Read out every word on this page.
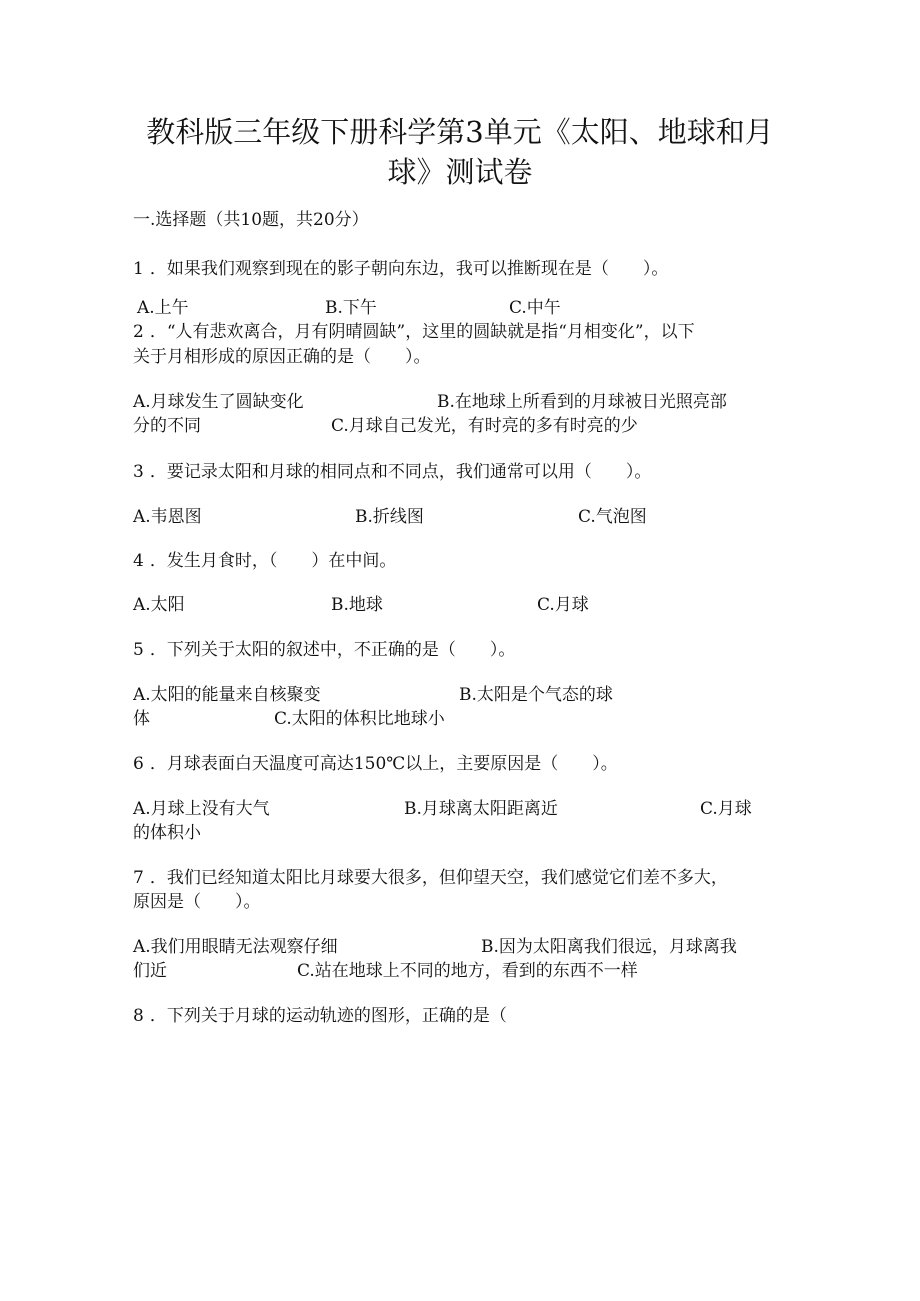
教科版三年级下册科学第3单元《太阳、地球和月
球》测试卷
一.选择题（共10题，共20分）
1 ．如果我们观察到现在的影子朝向东边，我可以推断现在是（　　）。
A.上午	B.下午	C.中午
2 ．“人有悲欢离合，月有阴晴圆缺”，这里的圆缺就是指“月相变化”，以下
关于月相形成的原因正确的是（　　）。
A.月球发生了圆缺变化	B.在地球上所看到的月球被日光照亮部
分的不同	C.月球自己发光，有时亮的多有时亮的少
3 ．要记录太阳和月球的相同点和不同点，我们通常可以用（　　）。
A.韦恩图	B.折线图	C.气泡图
4 ．发生月食时，（　　）在中间。
A.太阳	B.地球	C.月球
5 ．下列关于太阳的叙述中，不正确的是（　　）。
A.太阳的能量来自核聚变	B.太阳是个气态的球
体	C.太阳的体积比地球小
6 ．月球表面白天温度可高达150℃以上，主要原因是（　　）。
A.月球上没有大气	B.月球离太阳距离近	C.月球
的体积小
7 ．我们已经知道太阳比月球要大很多，但仰望天空，我们感觉它们差不多大，
原因是（　　）。
A.我们用眼睛无法观察仔细	B.因为太阳离我们很远，月球离我
们近	C.站在地球上不同的地方，看到的东西不一样
8 ．下列关于月球的运动轨迹的图形，正确的是（
